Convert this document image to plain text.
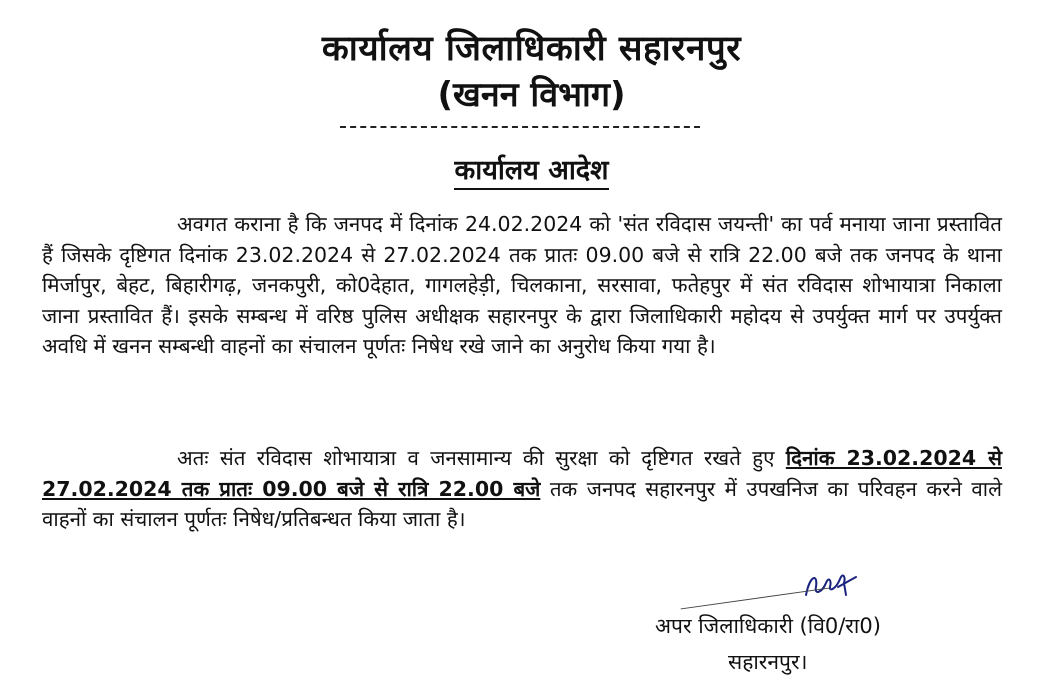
कार्यालय जिलाधिकारी सहारनपुर
(खनन विभाग)
कार्यालय आदेश
अवगत कराना है कि जनपद में दिनांक 24.02.2024 को 'संत रविदास जयन्ती' का पर्व मनाया जाना प्रस्तावित हैं जिसके दृष्टिगत दिनांक 23.02.2024 से 27.02.2024 तक प्रातः 09.00 बजे से रात्रि 22.00 बजे तक जनपद के थाना मिर्जापुर, बेहट, बिहारीगढ़, जनकपुरी, को0देहात, गागलहेड़ी, चिलकाना, सरसावा, फतेहपुर में संत रविदास शोभायात्रा निकाला जाना प्रस्तावित हैं। इसके सम्बन्ध में वरिष्ठ पुलिस अधीक्षक सहारनपुर के द्वारा जिलाधिकारी महोदय से उपर्युक्त मार्ग पर उपर्युक्त अवधि में खनन सम्बन्धी वाहनों का संचालन पूर्णतः निषेध रखे जाने का अनुरोध किया गया है।
अतः संत रविदास शोभायात्रा व जनसामान्य की सुरक्षा को दृष्टिगत रखते हुए दिनांक 23.02.2024 से 27.02.2024 तक प्रातः 09.00 बजे से रात्रि 22.00 बजे तक जनपद सहारनपुर में उपखनिज का परिवहन करने वाले वाहनों का संचालन पूर्णतः निषेध/प्रतिबन्धत किया जाता है।
अपर जिलाधिकारी (वि0/रा0)
सहारनपुर।
